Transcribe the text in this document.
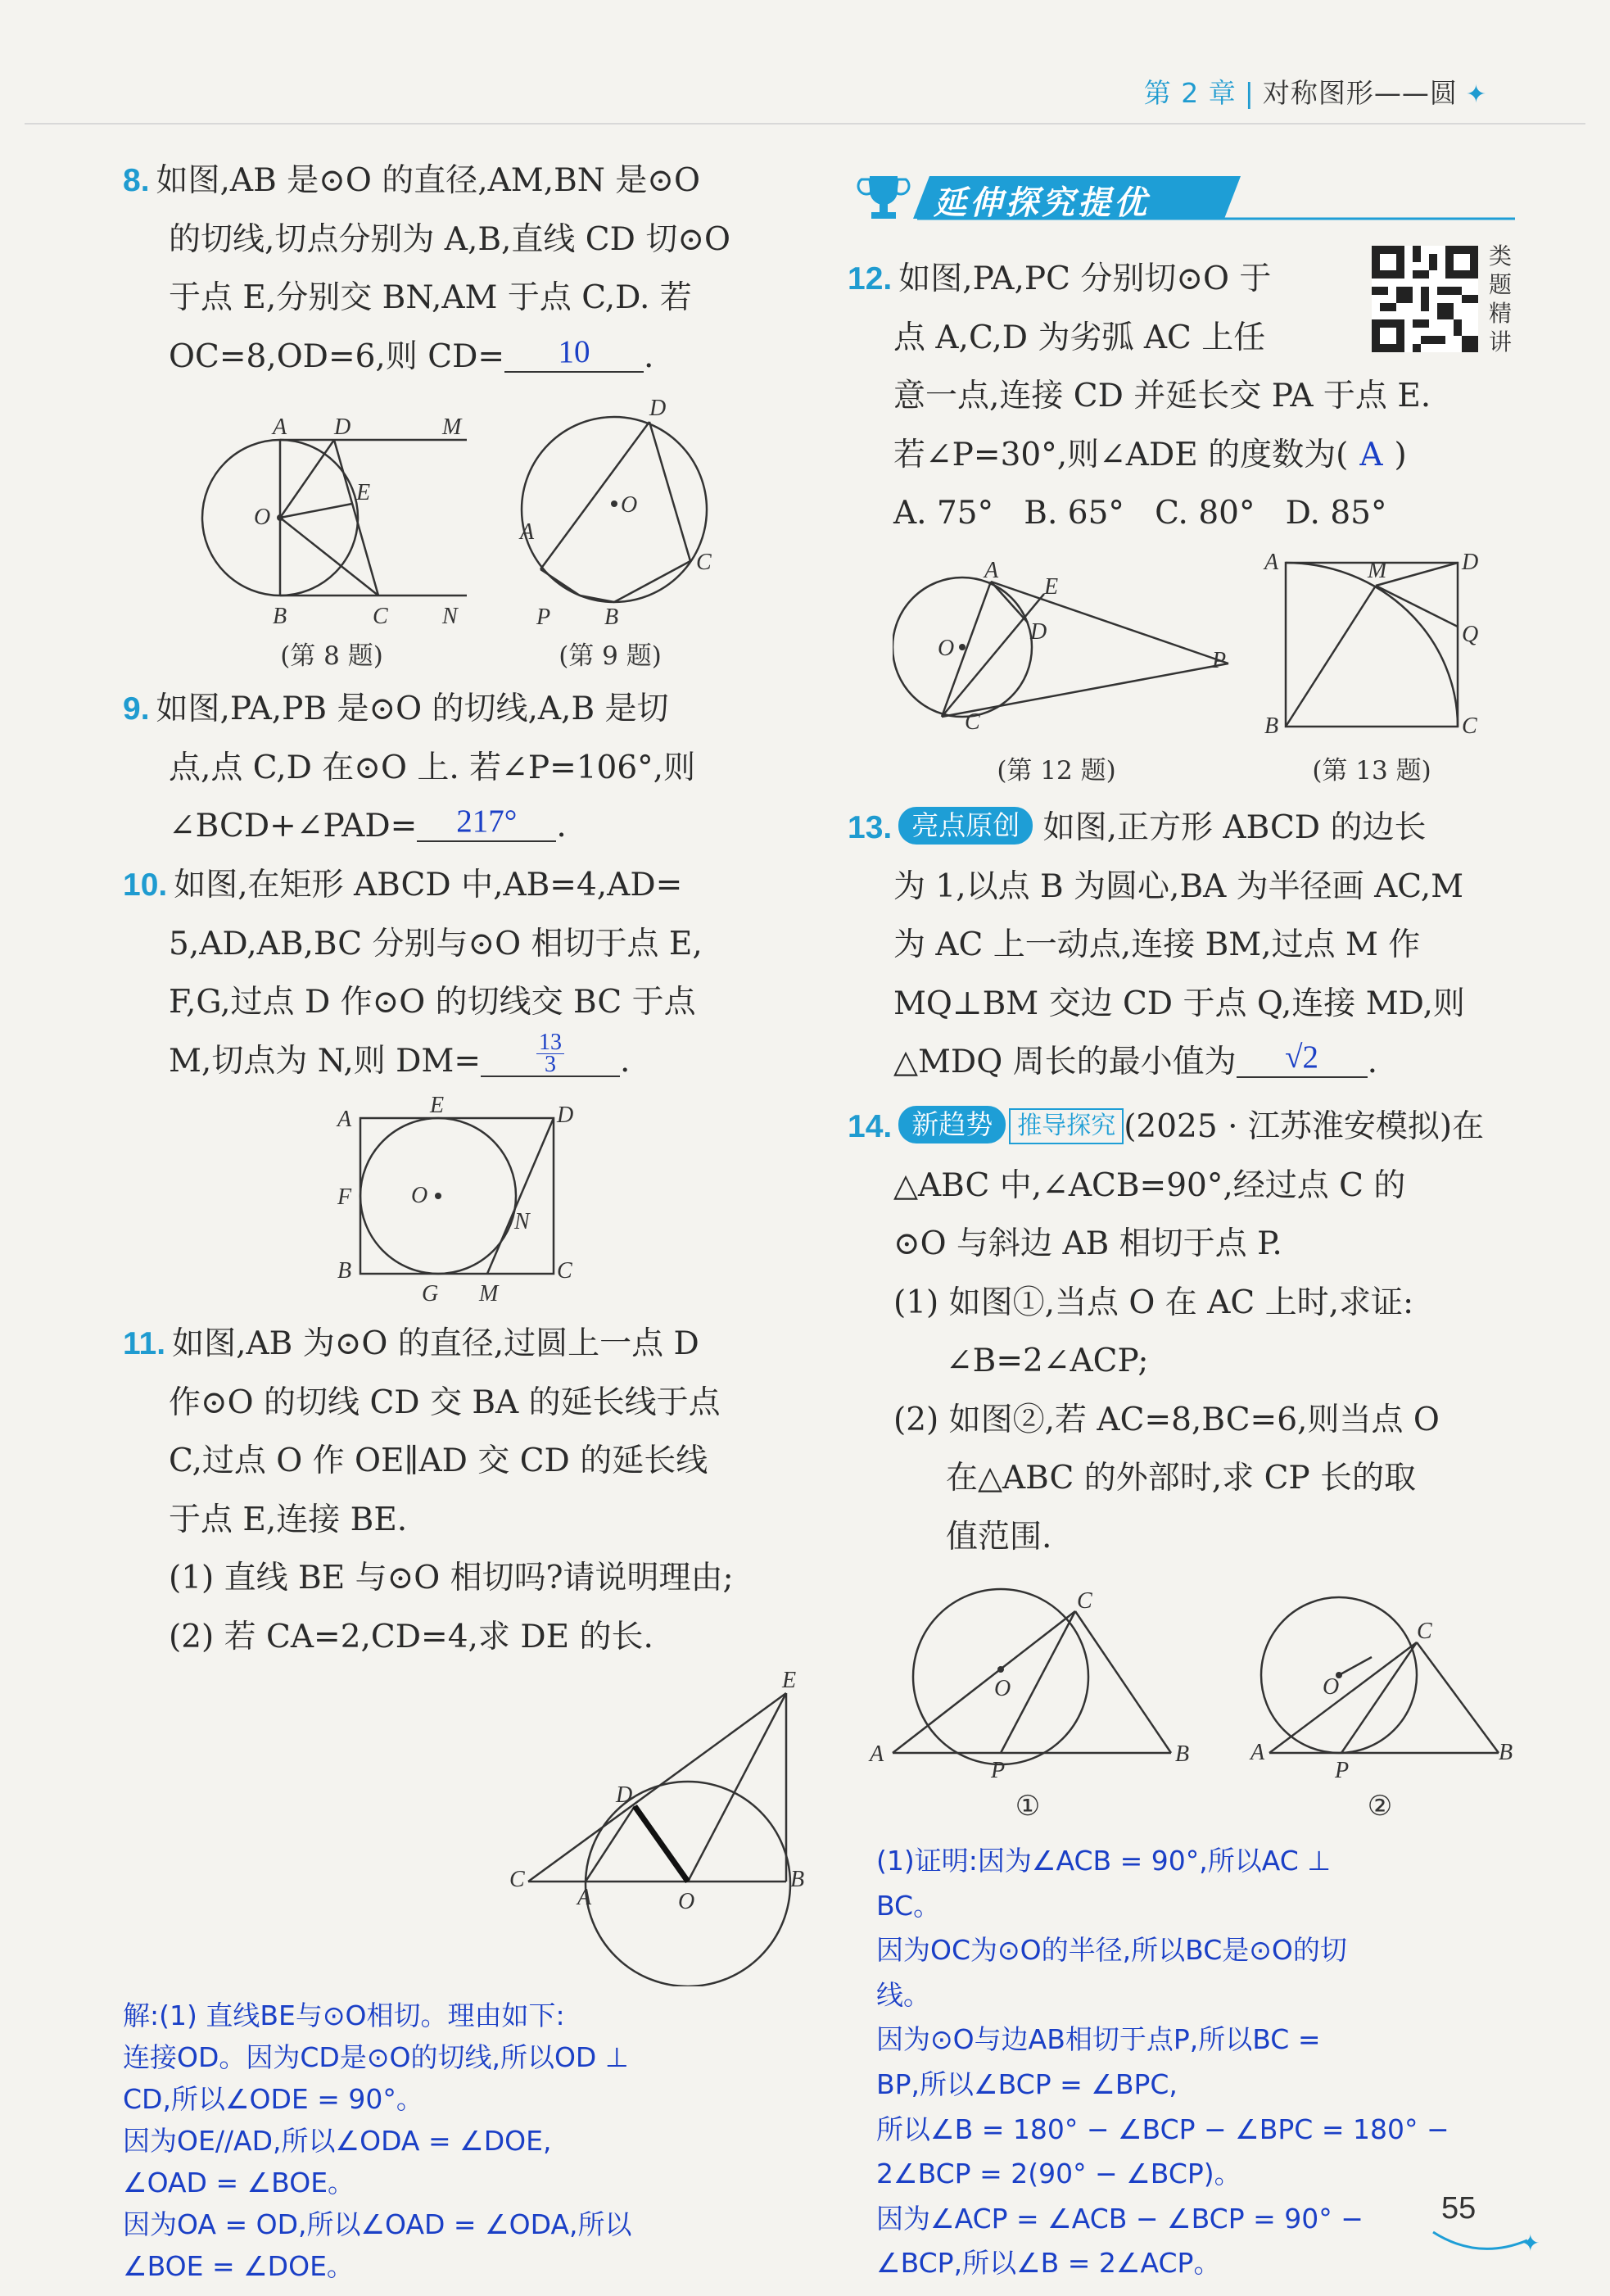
第 2 章 | 对称图形——圆 ✦

8. 如图,AB 是⊙O 的直径,AM,BN 是⊙O

的切线,切点分别为 A,B,直线 CD 切⊙O

于点 E,分别交 BN,AM 于点 C,D. 若

OC=8,OD=6,则 CD= 10 .

A D	M
E
O
B	C N
(第 8 题)
D
O
A
C
P B
(第 9 题)

9. 如图,PA,PB 是⊙O 的切线,A,B 是切

点,点 C,D 在⊙O 上. 若∠P=106°,则

∠BCD+∠PAD= 217° .

10. 如图,在矩形 ABCD 中,AB=4,AD=

5,AD,AB,BC 分别与⊙O 相切于点 E,

F,G,过点 D 作⊙O 的切线交 BC 于点

M,切点为 N,则 $DM= \frac{13}{3}$ .

A
E	D
F	O
N
B
G M
C

11. 如图,AB 为⊙O 的直径,过圆上一点 D

作⊙O 的切线 CD 交 BA 的延长线于点

C,过点 O 作 OE∥AD 交 CD 的延长线

于点 E,连接 BE.

(1) 直线 BE 与⊙O 相切吗?请说明理由;

(2) 若 CA=2,CD=4,求 DE 的长.

E
D
C
A	O
B

解:(1) 直线BE与⊙O相切。理由如下:

连接OD。因为CD是⊙O的切线,所以OD ⊥

CD,所以∠ODE = 90°。

因为OE//AD,所以∠ODA = ∠DOE,

∠OAD = ∠BOE。

因为OA = OD,所以∠OAD = ∠ODA,所以

∠BOE = ∠DOE。

延伸探究提优
类题精讲

12. 如图,PA,PC 分别切⊙O 于

点 A,C,D 为劣弧 AC 上任

意一点,连接 CD 并延长交 PA 于点 E.

若∠P=30°,则∠ADE 的度数为( A )

A. 75° B. 65° C. 80° D. 85°

A
E
D
O	P
C
(第 12 题)
A	M	D
Q
B	C
(第 13 题)

13. 亮点原创 如图,正方形 ABCD 的边长

为 1,以点 B 为圆心,BA 为半径画 AC,M

为 AC 上一动点,连接 BM,过点 M 作

MQ⊥BM 交边 CD 于点 Q,连接 MD,则

△MDQ 周长的最小值为 √2 .

14. 新趋势 推导探究 (2025 · 江苏淮安模拟)在

△ABC 中,∠ACB=90°,经过点 C 的

⊙O 与斜边 AB 相切于点 P.

(1) 如图①,当点 O 在 AC 上时,求证:

∠B=2∠ACP;

(2) 如图②,若 AC=8,BC=6,则当点 O

在△ABC 的外部时,求 CP 长的取

值范围.

C
O
A
P
B
①
C
O
A
P
B
②

(1)证明:因为∠ACB = 90°,所以AC ⊥

BC。

因为OC为⊙O的半径,所以BC是⊙O的切

线。

因为⊙O与边AB相切于点P,所以BC =

BP,所以∠BCP = ∠BPC,

所以∠B = 180° − ∠BCP − ∠BPC = 180° −

2∠BCP = 2(90° − ∠BCP)。

因为∠ACP = ∠ACB − ∠BCP = 90° −

∠BCP,所以∠B = 2∠ACP。

55
✦
